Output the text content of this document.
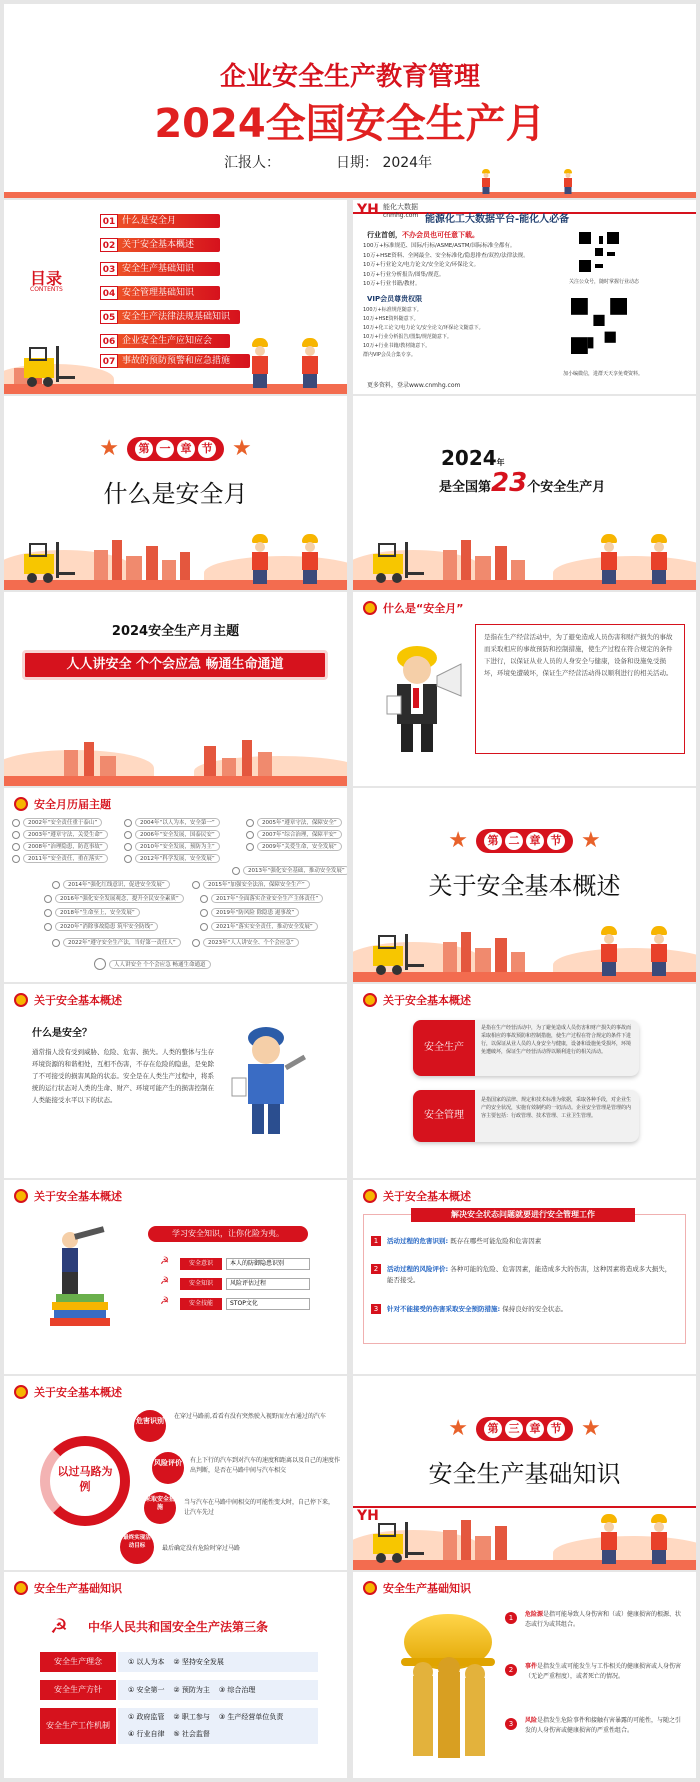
企业安全生产教育管理
2024全国安全生产月
汇报人：	日期： 2024年
目录
CONTENTS
01 什么是安全月
02 关于安全基本概述
03 安全生产基础知识
04 安全管理基础知识
05 安全生产法律法规基础知识
06 企业安全生产应知应会
07 事故的预防预警和应急措施
YH 能化大数据
cnmhg.com 能源化工大数据平台-能化人必备
行业首创，不办会员也可任意下载。
100万+标准规范、国际/行标/ASME/ASTM/国际标准全都有。
10万+HSE资料、全网最全、安全标准化/隐患排查/双控/法律法规。
10万+行业论文/电力论文/安全论文/环保论文。
10万+行业分析报告/图集/规范。
10万+行业书籍/教材。
VIP会员尊贵权限
100万+标准规范随意下。
10万+HSE资料随意下。
10万+化工论文/电力论文/安全论文/环保论文随意下。
10万+行业分析报告/图集/规范随意下。
10万+行业书籍/教材随意下。
群内VIP会员合集专享。
更多资料，登录www.cnmhg.com
关注公众号，随时掌握行业动态
加小编微信，进群天天享免费资料。
★	第 一 章 节 ★
什么是安全月
2024年
是全国第23个安全生产月
2024安全生产月主题
人人讲安全 个个会应急 畅通生命通道
什么是“安全月”
是指在生产经营活动中，为了避免造成人员伤害和财产损失的事故而采取相应的事故预防和控制措施，使生产过程在符合规定的条件下进行，以保证从业人员的人身安全与健康，设备和设施免受损坏，环境免遭破坏，保证生产经营活动得以顺利进行的相关活动。
安全月历届主题
2002年“安全责任重于泰山”
2003年“遵章守法，关爱生命”
2008年“治理隐患，防范事故”
2011年“安全责任，重在落实”
2004年“以人为本，安全第一”
2006年“安全发展，国泰民安”
2010年“安全发展，预防为主”
2012年“科学发展，安全发展”
2005年“遵章守法，保障安全”
2007年“综合治理，保障平安”
2009年“关爱生命，安全发展”
2013年“强化安全基础，推动安全发展”
2014年“强化红线意识，促进安全发展”
2016年“强化安全发展观念，提升全民安全素质”
2018年“生命至上，安全发展”
2020年“消除事故隐患 筑牢安全防线”
2022年“遵守安全生产法，当好第一责任人”
2015年“加强安全法治，保障安全生产”
2017年“全面落实企业安全生产主体责任”
2019年“防风险 除隐患 遏事故”
2021年“落实安全责任，推动安全发展”
2023年“人人讲安全、个个会应急”
人人讲安全 个个会应急 畅通生命通道
★	第 二 章 节 ★
关于安全基本概述
关于安全基本概述
什么是安全？
通常指人没有受到威胁、危险、危害、损失。人类的整体与生存环境资源的和谐相处，互相不伤害，不存在危险的隐患，是免除了不可接受的损害风险的状态。安全是在人类生产过程中，将系统的运行状态对人类的生命、财产、环境可能产生的损害控制在人类能接受水平以下的状态。
关于安全基本概述
安全生产
是指在生产经营活动中，为了避免造成人员伤害和财产损失的事故而采取相应的事故预防和控制措施，使生产过程在符合规定的条件下进行，以保证从业人员的人身安全与健康，设备和设施免受损坏，环境免遭破坏，保证生产经营活动得以顺利进行的相关活动。
安全管理
是指国家的法律、规定和技术标准为依据，采取各种手段，对企业生产的安全状况，实施有效制约的一切活动。企业安全管理是管理的内容主要包括：行政管理、技术管理、工业卫生管理。
关于安全基本概述
学习安全知识，让你化险为夷。
☭	安全意识	本人的防御隐患识别
☭	安全知识	风险评估过程
☭	安全技能	STOP文化
关于安全基本概述
解决安全状态问题就要进行安全管理工作
1	活动过程的危害识别: 既存在哪些可能危险和危害因素
2	活动过程的风险评价: 各种可能的危险、危害因素，能造成多大的伤害，这种因素将造成多大损失，能否接受。
3	针对不能接受的伤害采取安全预防措施: 保持良好的安全状态。
关于安全基本概述
以过马路为例
危害识别
在穿过马路前,看看有没有突然驶入视野而左右通过的汽车
风险评价	有上下行的汽车到对汽车的速度和距离以及自己的速度作出判断，是否在马路中间与汽车相交
采取安全措施
当与汽车在马路中间相交的可能性变大时，自己停下来，让汽车先过
最终实现活动目标	最后确定没有危险时穿过马路
★	第 三 章 节 ★
安全生产基础知识
YH
安全生产基础知识
☭ 中华人民共和国安全生产法第三条
安全生产理念	① 以人为本 ② 坚持安全发展
安全生产方针	① 安全第一 ② 预防为主 ③ 综合治理
安全生产工作机制
① 政府监管 ② 职工参与 ③ 生产经营单位负责
④ 行业自律 ⑤ 社会监督
安全生产基础知识
1	危险源是指可能导致人身伤害和（或）健康损害的根源、状态或行为或其组合。
2	事件是指发生或可能发生与工作相关的健康损害或人身伤害（无论严重程度），或者死亡的情况。
3	风险是指发生危险事件和接触有害暴露的可能性，与随之引发的人身伤害或健康损害的严重性组合。
